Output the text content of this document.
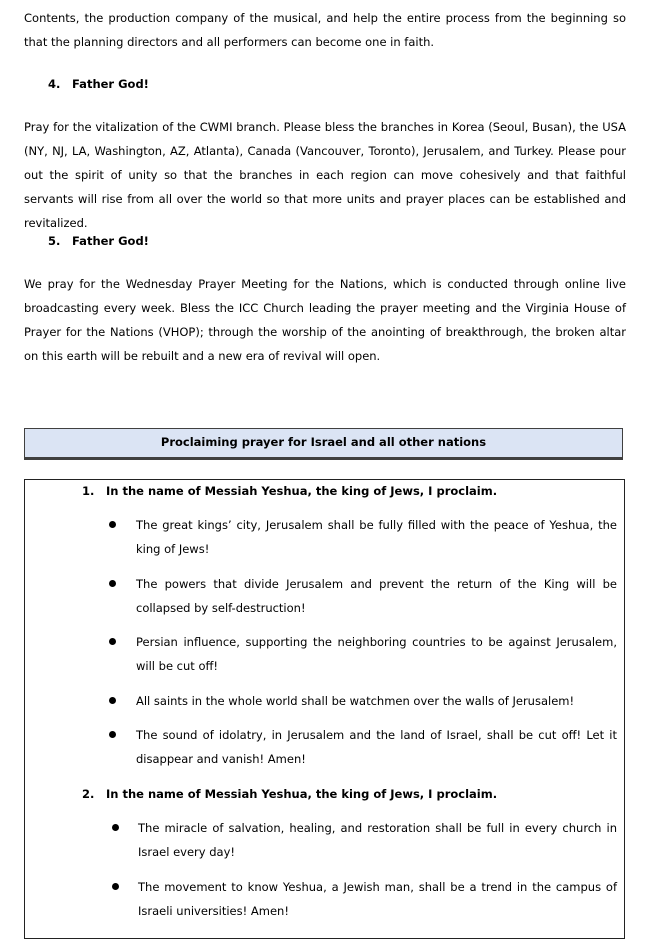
Contents, the production company of the musical, and help the entire process from the beginning so that the planning directors and all performers can become one in faith.

4. Father God!

Pray for the vitalization of the CWMI branch. Please bless the branches in Korea (Seoul, Busan), the USA (NY, NJ, LA, Washington, AZ, Atlanta), Canada (Vancouver, Toronto), Jerusalem, and Turkey. Please pour out the spirit of unity so that the branches in each region can move cohesively and that faithful servants will rise from all over the world so that more units and prayer places can be established and revitalized.

5. Father God!

We pray for the Wednesday Prayer Meeting for the Nations, which is conducted through online live broadcasting every week. Bless the ICC Church leading the prayer meeting and the Virginia House of Prayer for the Nations (VHOP); through the worship of the anointing of breakthrough, the broken altar on this earth will be rebuilt and a new era of revival will open.

Proclaiming prayer for Israel and all other nations
1. In the name of Messiah Yeshua, the king of Jews, I proclaim.

The great kings’ city, Jerusalem shall be fully filled with the peace of Yeshua, the king of Jews!

The powers that divide Jerusalem and prevent the return of the King will be collapsed by self-destruction!

Persian influence, supporting the neighboring countries to be against Jerusalem, will be cut off!

All saints in the whole world shall be watchmen over the walls of Jerusalem!

The sound of idolatry, in Jerusalem and the land of Israel, shall be cut off! Let it disappear and vanish! Amen!

2. In the name of Messiah Yeshua, the king of Jews, I proclaim.

The miracle of salvation, healing, and restoration shall be full in every church in Israel every day!

The movement to know Yeshua, a Jewish man, shall be a trend in the campus of Israeli universities! Amen!
